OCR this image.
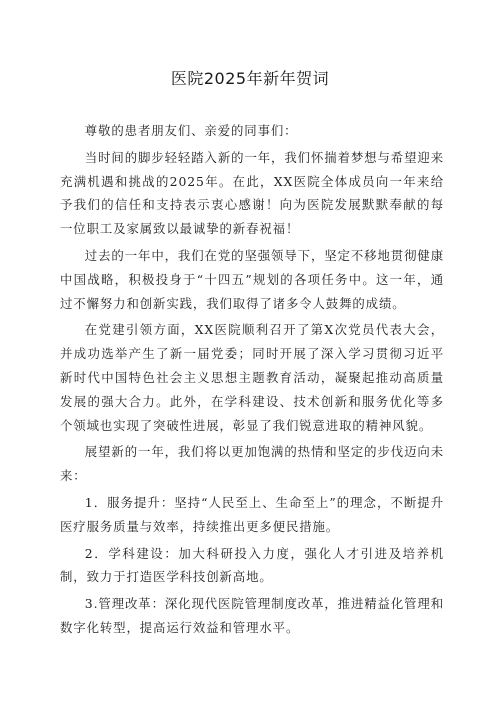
医院2025年新年贺词

尊敬的患者朋友们、亲爱的同事们：

当时间的脚步轻轻踏入新的一年，我们怀揣着梦想与希望迎来充满机遇和挑战的2025年。在此，XX医院全体成员向一年来给予我们的信任和支持表示衷心感谢！向为医院发展默默奉献的每一位职工及家属致以最诚挚的新春祝福！

过去的一年中，我们在党的坚强领导下，坚定不移地贯彻健康中国战略，积极投身于“十四五”规划的各项任务中。这一年，通过不懈努力和创新实践，我们取得了诸多令人鼓舞的成绩。

在党建引领方面，XX医院顺利召开了第X次党员代表大会，并成功选举产生了新一届党委；同时开展了深入学习贯彻习近平新时代中国特色社会主义思想主题教育活动，凝聚起推动高质量发展的强大合力。此外，在学科建设、技术创新和服务优化等多个领域也实现了突破性进展，彰显了我们锐意进取的精神风貌。

展望新的一年，我们将以更加饱满的热情和坚定的步伐迈向未来：

1．服务提升：坚持“人民至上、生命至上”的理念，不断提升医疗服务质量与效率，持续推出更多便民措施。

2．学科建设：加大科研投入力度，强化人才引进及培养机制，致力于打造医学科技创新高地。

3.管理改革：深化现代医院管理制度改革，推进精益化管理和数字化转型，提高运行效益和管理水平。
